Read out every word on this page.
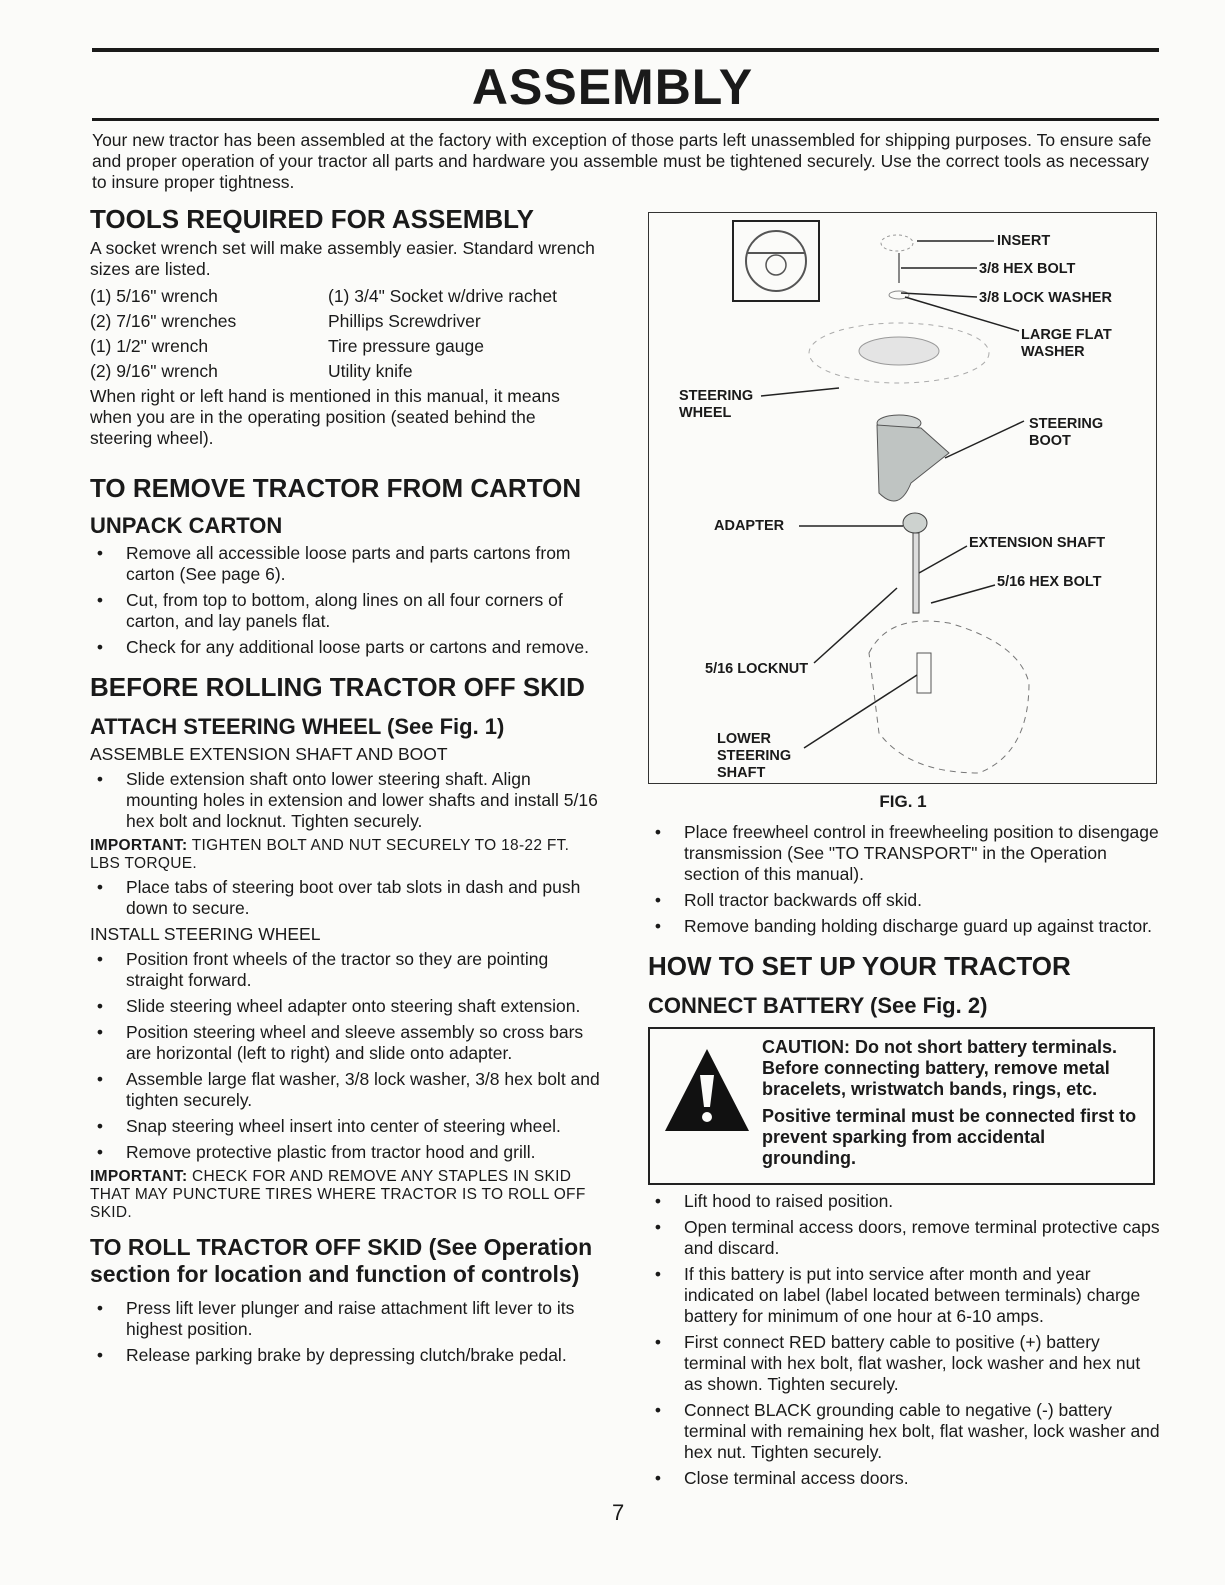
ASSEMBLY

Your new tractor has been assembled at the factory with exception of those parts left unassembled for shipping purposes. To ensure safe and proper operation of your tractor all parts and hardware you assemble must be tightened securely. Use the correct tools as necessary to insure proper tightness.

TOOLS REQUIRED FOR ASSEMBLY

A socket wrench set will make assembly easier. Standard wrench sizes are listed.

(1) 5/16" wrench	(1) 3/4" Socket w/drive rachet
(2) 7/16" wrenches	Phillips Screwdriver
(1) 1/2" wrench	Tire pressure gauge
(2) 9/16" wrench	Utility knife

When right or left hand is mentioned in this manual, it means when you are in the operating position (seated behind the steering wheel).

TO REMOVE TRACTOR FROM CARTON
UNPACK CARTON
•	Remove all accessible loose parts and parts cartons from carton (See page 6).
•	Cut, from top to bottom, along lines on all four corners of carton, and lay panels flat.
•	Check for any additional loose parts or cartons and remove.
BEFORE ROLLING TRACTOR OFF SKID
ATTACH STEERING WHEEL (See Fig. 1)

ASSEMBLE EXTENSION SHAFT AND BOOT

•	Slide extension shaft onto lower steering shaft. Align mounting holes in extension and lower shafts and install 5/16 hex bolt and locknut. Tighten securely.

IMPORTANT: TIGHTEN BOLT AND NUT SECURELY TO 18-22 FT. LBS TORQUE.

•	Place tabs of steering boot over tab slots in dash and push down to secure.

INSTALL STEERING WHEEL

•	Position front wheels of the tractor so they are pointing straight forward.
•	Slide steering wheel adapter onto steering shaft extension.
•	Position steering wheel and sleeve assembly so cross bars are horizontal (left to right) and slide onto adapter.
•	Assemble large flat washer, 3/8 lock washer, 3/8 hex bolt and tighten securely.
•	Snap steering wheel insert into center of steering wheel.
•	Remove protective plastic from tractor hood and grill.

IMPORTANT: CHECK FOR AND REMOVE ANY STAPLES IN SKID THAT MAY PUNCTURE TIRES WHERE TRACTOR IS TO ROLL OFF SKID.

TO ROLL TRACTOR OFF SKID (See Operation section for location and function of controls)
•	Press lift lever plunger and raise attachment lift lever to its highest position.
•	Release parking brake by depressing clutch/brake pedal.
INSERT
3/8 HEX BOLT
3/8 LOCK WASHER
LARGE FLAT WASHER
STEERING WHEEL
STEERING BOOT
ADAPTER
EXTENSION SHAFT
5/16 HEX BOLT
5/16 LOCKNUT
LOWER STEERING SHAFT
FIG. 1
•	Place freewheel control in freewheeling position to disengage transmission (See "TO TRANSPORT" in the Operation section of this manual).
•	Roll tractor backwards off skid.
•	Remove banding holding discharge guard up against tractor.
HOW TO SET UP YOUR TRACTOR
CONNECT BATTERY (See Fig. 2)

CAUTION: Do not short battery terminals. Before connecting battery, remove metal bracelets, wristwatch bands, rings, etc.

Positive terminal must be connected first to prevent sparking from accidental grounding.

•	Lift hood to raised position.
•	Open terminal access doors, remove terminal protective caps and discard.
•	If this battery is put into service after month and year indicated on label (label located between terminals) charge battery for minimum of one hour at 6-10 amps.
•	First connect RED battery cable to positive (+) battery terminal with hex bolt, flat washer, lock washer and hex nut as shown. Tighten securely.
•	Connect BLACK grounding cable to negative (-) battery terminal with remaining hex bolt, flat washer, lock washer and hex nut. Tighten securely.
•	Close terminal access doors.
7
